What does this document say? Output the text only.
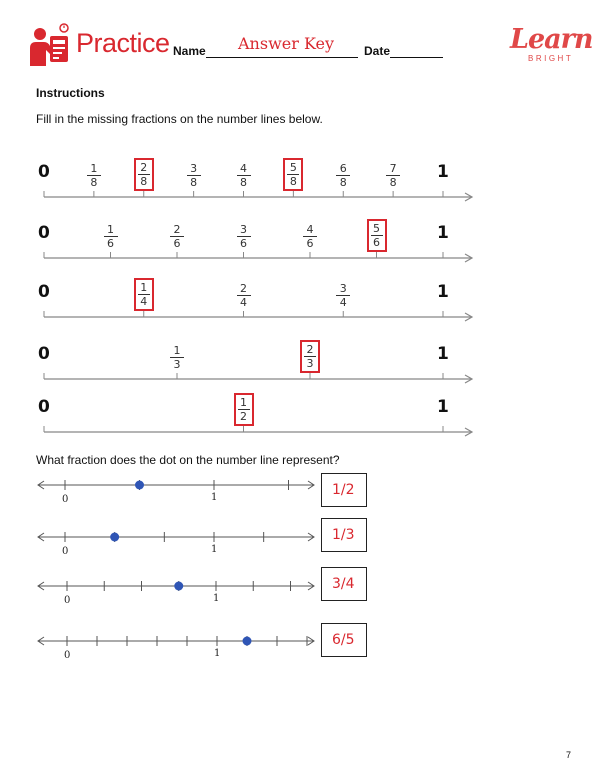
Practice Name Answer Key	Date	Learn
BRIGHT
Instructions
Fill in the missing fractions on the number lines below.
0	1
1
8
2
8
3
8
4
8
5
8
6
8
7
8
0	1
1
6
2
6
3
6
4
6
5
6
0	1
1
4
2
4
3
4
0	1
1
3
2
3
0	1
1
2
What fraction does the dot on the number line represent?
0	1	1/2
0	1
1/3
0	1
3/4
0	1
6/5
7
